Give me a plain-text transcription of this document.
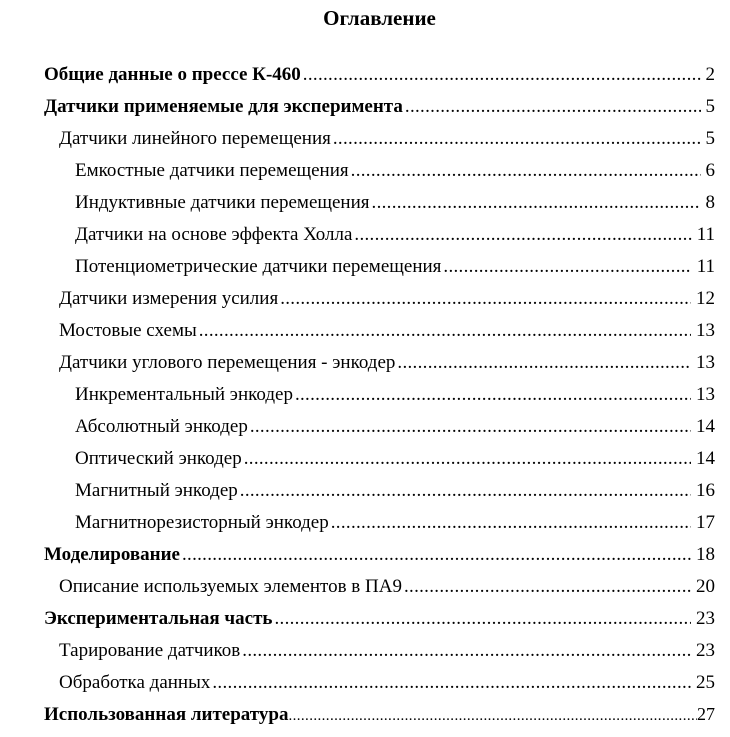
Оглавление
Общие данные о прессе К-460 .....	2
Датчики применяемые для эксперимента .....	5
Датчики линейного перемещения .....	5
Емкостные датчики перемещения .....	6
Индуктивные датчики перемещения .....	8
Датчики на основе эффекта Холла .....	11
Потенциометрические датчики перемещения .....	11
Датчики измерения усилия .....	12
Мостовые схемы .....	13
Датчики углового перемещения - энкодер .....	13
Инкрементальный энкодер .....	13
Абсолютный энкодер .....	14
Оптический энкодер .....	14
Магнитный энкодер .....	16
Магнитнорезисторный энкодер .....	17
Моделирование .....	18
Описание используемых элементов в ПА9 .....	20
Экспериментальная часть .....	23
Тарирование датчиков .....	23
Обработка данных .....	25
Использованная литература .....	27
